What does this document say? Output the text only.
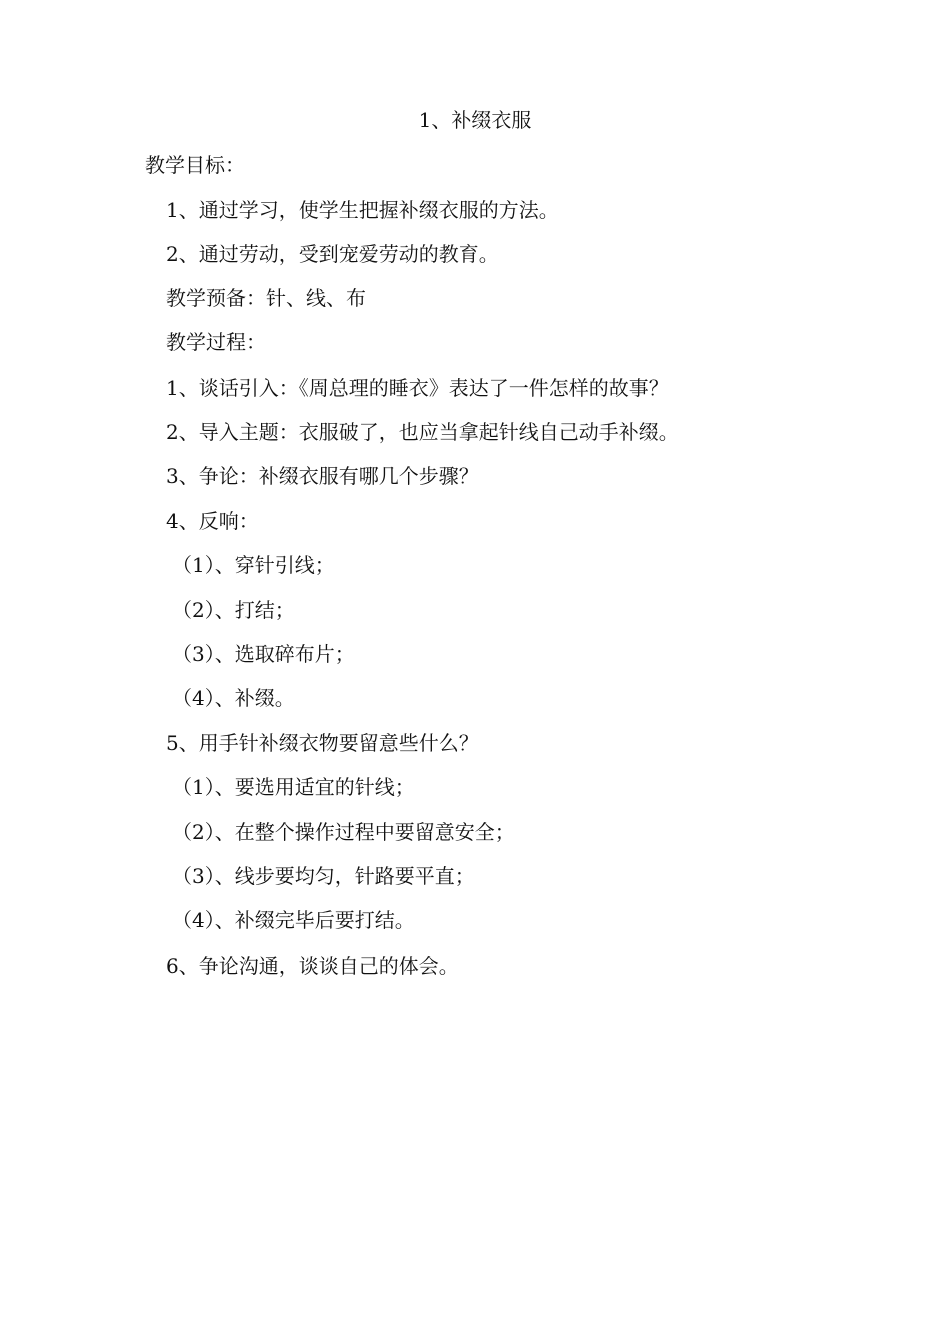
1、补缀衣服
教学目标：
1、通过学习，使学生把握补缀衣服的方法。
2、通过劳动，受到宠爱劳动的教育。
教学预备：针、线、布
教学过程：
1、谈话引入：《周总理的睡衣》表达了一件怎样的故事？
2、导入主题：衣服破了，也应当拿起针线自己动手补缀。
3、争论：补缀衣服有哪几个步骤？
4、反响：
（1）、穿针引线；
（2）、打结；
（3）、选取碎布片；
（4）、补缀。
5、用手针补缀衣物要留意些什么？
（1）、要选用适宜的针线；
（2）、在整个操作过程中要留意安全；
（3）、线步要均匀，针路要平直；
（4）、补缀完毕后要打结。
6、争论沟通，谈谈自己的体会。
